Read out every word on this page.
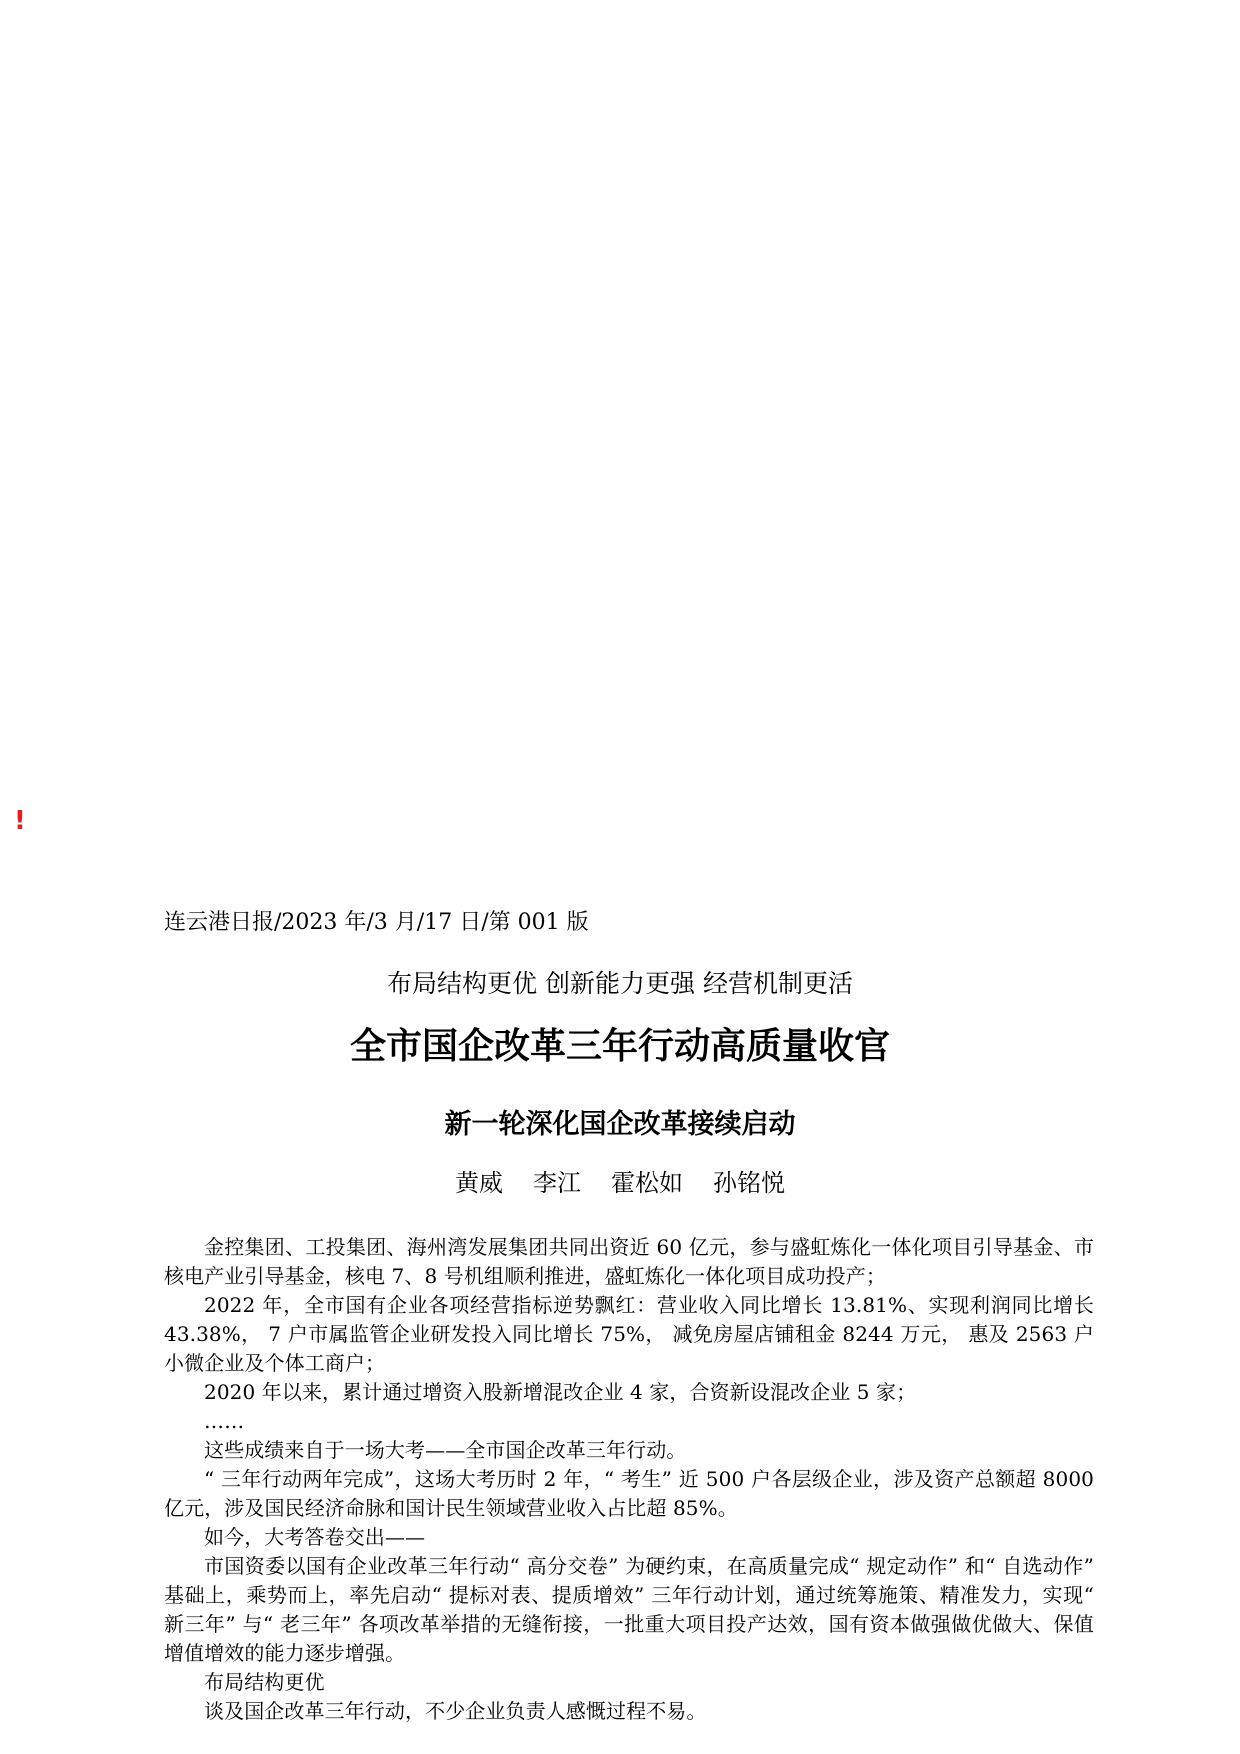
!
连云港日报/2023 年/3 月/17 日/第 001 版
布局结构更优 创新能力更强 经营机制更活
全市国企改革三年行动高质量收官
新一轮深化国企改革接续启动
黄威 李江 霍松如 孙铭悦

金控集团、工投集团、海州湾发展集团共同出资近 60 亿元，参与盛虹炼化一体化项目引导基金、市核电产业引导基金，核电 7、8 号机组顺利推进，盛虹炼化一体化项目成功投产；

2022 年，全市国有企业各项经营指标逆势飘红：营业收入同比增长 13.81%、实现利润同比增长 43.38%， 7 户市属监管企业研发投入同比增长 75%， 减免房屋店铺租金 8244 万元， 惠及 2563 户小微企业及个体工商户；

2020 年以来，累计通过增资入股新增混改企业 4 家，合资新设混改企业 5 家；

……

这些成绩来自于一场大考——全市国企改革三年行动。

“ 三年行动两年完成”，这场大考历时 2 年，“ 考生” 近 500 户各层级企业，涉及资产总额超 8000 亿元，涉及国民经济命脉和国计民生领域营业收入占比超 85%。

如今，大考答卷交出——

市国资委以国有企业改革三年行动“ 高分交卷” 为硬约束，在高质量完成“ 规定动作” 和“ 自选动作” 基础上，乘势而上，率先启动“ 提标对表、提质增效” 三年行动计划，通过统筹施策、精准发力，实现“ 新三年” 与“ 老三年” 各项改革举措的无缝衔接，一批重大项目投产达效，国有资本做强做优做大、保值增值增效的能力逐步增强。

布局结构更优

谈及国企改革三年行动，不少企业负责人感慨过程不易。
